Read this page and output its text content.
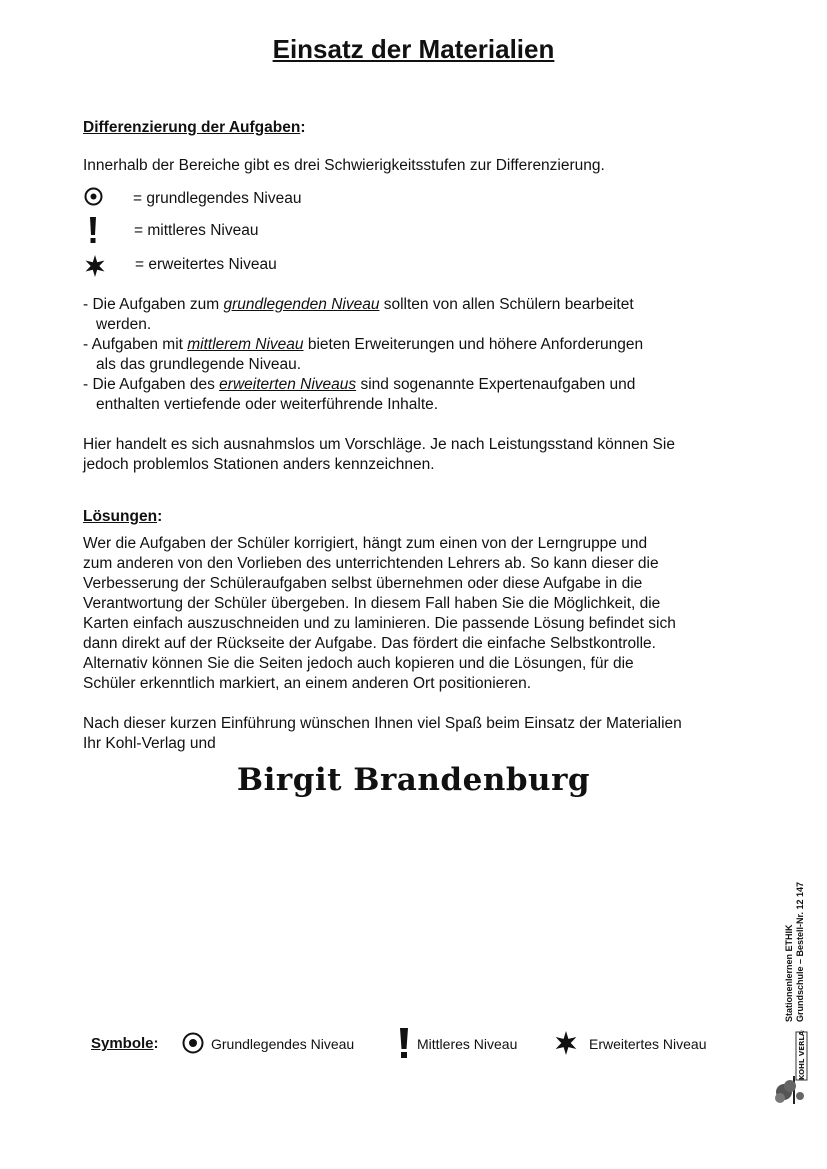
Einsatz der Materialien
Differenzierung der Aufgaben:
Innerhalb der Bereiche gibt es drei Schwierigkeitsstufen zur Differenzierung.
= grundlegendes Niveau
= mittleres Niveau
= erweitertes Niveau
- Die Aufgaben zum grundlegenden Niveau sollten von allen Schülern bearbeitet
werden.
- Aufgaben mit mittlerem Niveau bieten Erweiterungen und höhere Anforderungen
als das grundlegende Niveau.
- Die Aufgaben des erweiterten Niveaus sind sogenannte Expertenaufgaben und
enthalten vertiefende oder weiterführende Inhalte.
Hier handelt es sich ausnahmslos um Vorschläge. Je nach Leistungsstand können Sie
jedoch problemlos Stationen anders kennzeichnen.
Lösungen:
Wer die Aufgaben der Schüler korrigiert, hängt zum einen von der Lerngruppe und
zum anderen von den Vorlieben des unterrichtenden Lehrers ab. So kann dieser die
Verbesserung der Schüleraufgaben selbst übernehmen oder diese Aufgabe in die
Verantwortung der Schüler übergeben. In diesem Fall haben Sie die Möglichkeit, die
Karten einfach auszuschneiden und zu laminieren. Die passende Lösung befindet sich
dann direkt auf der Rückseite der Aufgabe. Das fördert die einfache Selbstkontrolle.
Alternativ können Sie die Seiten jedoch auch kopieren und die Lösungen, für die
Schüler erkenntlich markiert, an einem anderen Ort positionieren.
Nach dieser kurzen Einführung wünschen Ihnen viel Spaß beim Einsatz der Materialien
Ihr Kohl-Verlag und
Birgit Brandenburg
Stationenlernen ETHIK Grundschule – Bestell-Nr. 12 147
KOHL VERLAG
Symbole:	Grundlegendes Niveau	Mittleres Niveau	Erweitertes Niveau
